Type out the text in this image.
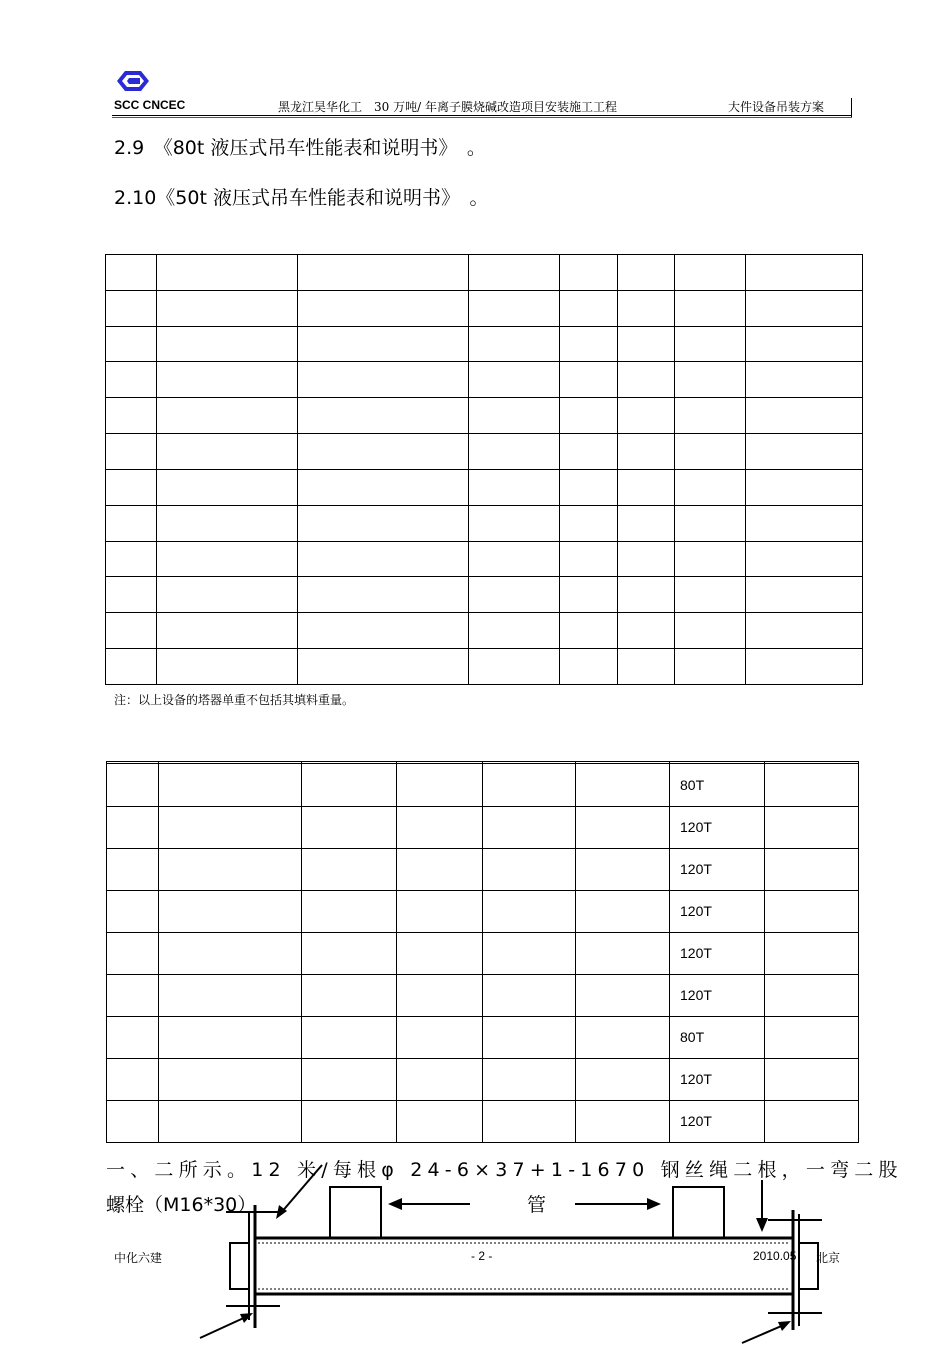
SCC CNCEC	黑龙江昊华化工　30 万吨/ 年离子膜烧碱改造项目安装施工工程	大件设备吊装方案
2.9　《80t 液压式吊车性能表和说明书》　。
2.10《50t 液压式吊车性能表和说明书》　。

注：以上设备的塔器单重不包括其填料重量。

						80T	
						120T	
						120T	
						120T	
						120T	
						120T	
						80T	
						120T	
						120T	
一、二所示。12 米/每根φ 24-6×37+1-1670 钢丝绳二根，一弯二股
螺栓（M16*30）	管
中化六建	- 2 -	2010.05 北京
